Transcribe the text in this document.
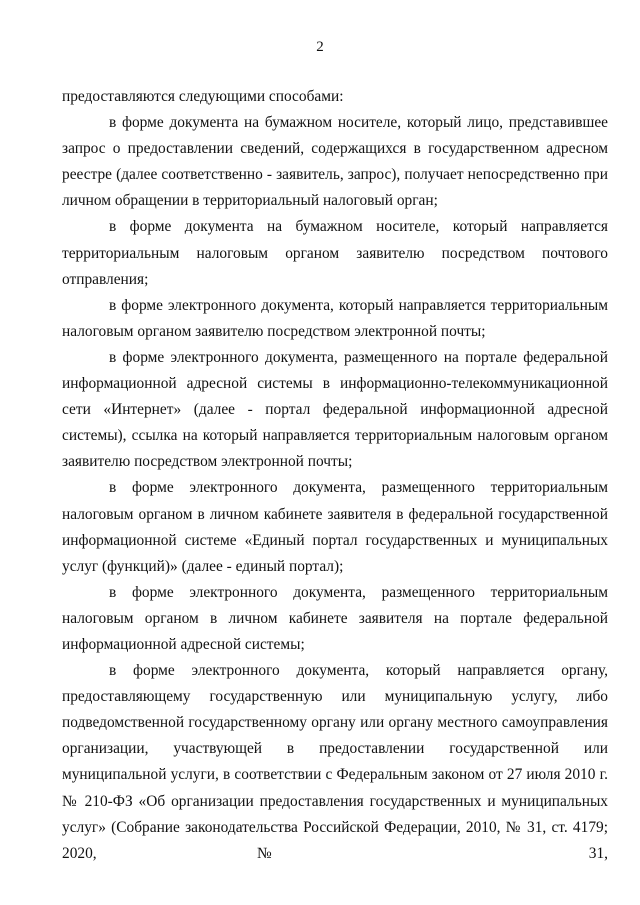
2

предоставляются следующими способами:

в форме документа на бумажном носителе, который лицо, представившее запрос о предоставлении сведений, содержащихся в государственном адресном реестре (далее соответственно - заявитель, запрос), получает непосредственно при личном обращении в территориальный налоговый орган;

в форме документа на бумажном носителе, который направляется территориальным налоговым органом заявителю посредством почтового отправления;

в форме электронного документа, который направляется территориальным налоговым органом заявителю посредством электронной почты;

в форме электронного документа, размещенного на портале федеральной информационной адресной системы в информационно-телекоммуникационной сети «Интернет» (далее - портал федеральной информационной адресной системы), ссылка на который направляется территориальным налоговым органом заявителю посредством электронной почты;

в форме электронного документа, размещенного территориальным налоговым органом в личном кабинете заявителя в федеральной государственной информационной системе «Единый портал государственных и муниципальных услуг (функций)» (далее - единый портал);

в форме электронного документа, размещенного территориальным налоговым органом в личном кабинете заявителя на портале федеральной информационной адресной системы;

в форме электронного документа, который направляется органу, предоставляющему государственную или муниципальную услугу, либо подведомственной государственному органу или органу местного самоуправления организации, участвующей в предоставлении государственной или муниципальной услуги, в соответствии с Федеральным законом от 27 июля 2010 г. № 210-ФЗ «Об организации предоставления государственных и муниципальных услуг» (Собрание законодательства Российской Федерации, 2010, № 31, ст. 4179; 2020, № 31,
